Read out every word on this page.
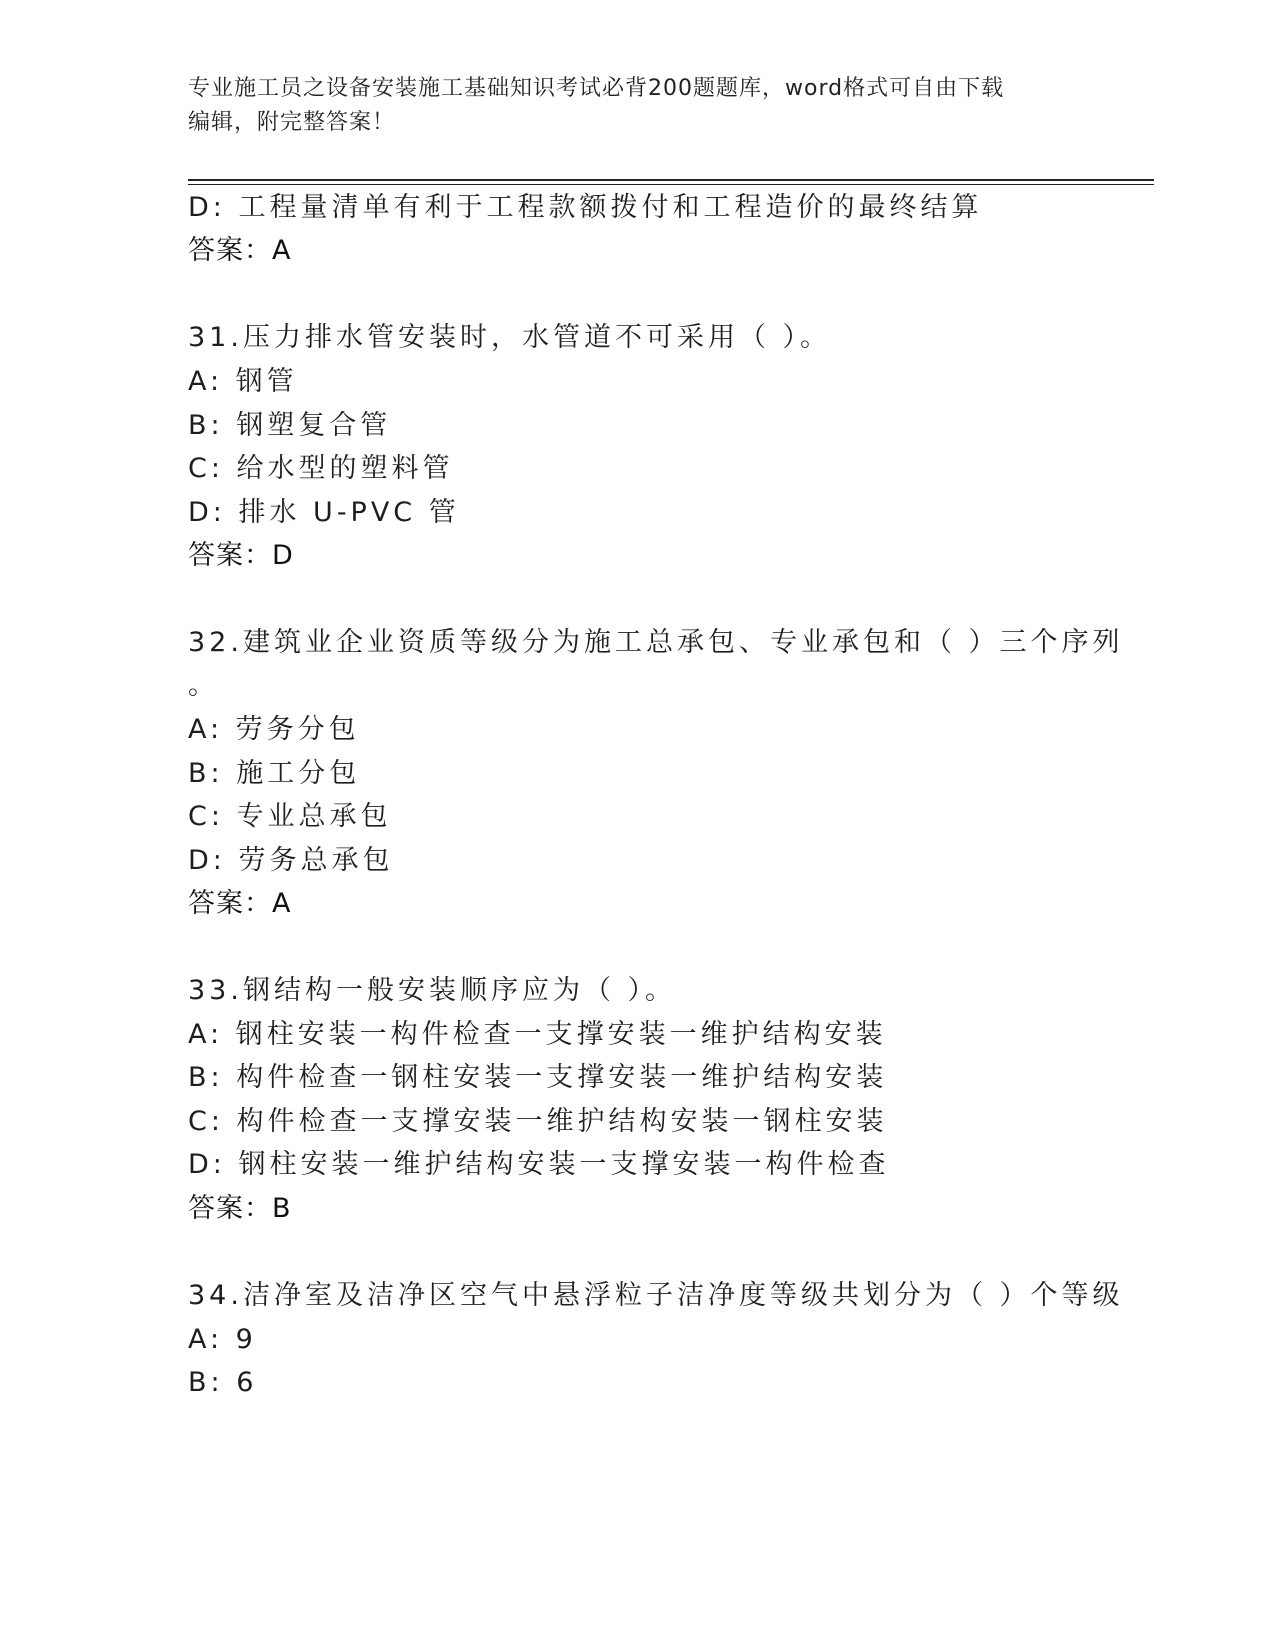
专业施工员之设备安装施工基础知识考试必背200题题库，word格式可自由下载
编辑，附完整答案！
D: 工程量清单有利于工程款额拨付和工程造价的最终结算
答案：A
31.压力排水管安装时，水管道不可采用（ ）。
A: 钢管
B: 钢塑复合管
C: 给水型的塑料管
D: 排水 U-PVC 管
答案：D
32.建筑业企业资质等级分为施工总承包、专业承包和（ ）三个序列
。
A: 劳务分包
B: 施工分包
C: 专业总承包
D: 劳务总承包
答案：A
33.钢结构一般安装顺序应为（ ）。
A: 钢柱安装一构件检查一支撑安装一维护结构安装
B: 构件检查一钢柱安装一支撑安装一维护结构安装
C: 构件检查一支撑安装一维护结构安装一钢柱安装
D: 钢柱安装一维护结构安装一支撑安装一构件检查
答案：B
34.洁净室及洁净区空气中悬浮粒子洁净度等级共划分为（ ）个等级
A: 9
B: 6
